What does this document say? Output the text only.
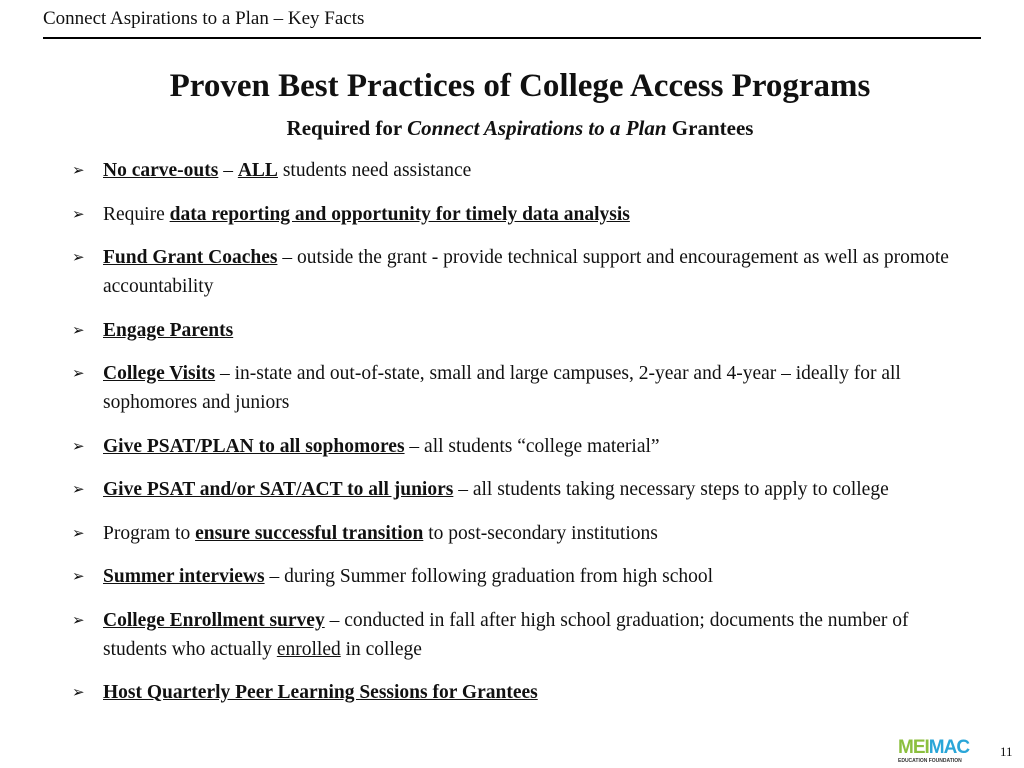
Connect Aspirations to a Plan – Key Facts
Proven Best Practices of College Access Programs
Required for Connect Aspirations to a Plan Grantees
➢ No carve-outs – ALL students need assistance
➢ Require data reporting and opportunity for timely data analysis
➢ Fund Grant Coaches – outside the grant - provide technical support and encouragement as well as promote accountability
➢ Engage Parents
➢ College Visits – in-state and out-of-state, small and large campuses, 2-year and 4-year – ideally for all sophomores and juniors
➢ Give PSAT/PLAN to all sophomores – all students “college material”
➢ Give PSAT and/or SAT/ACT to all juniors – all students taking necessary steps to apply to college
➢ Program to ensure successful transition to post-secondary institutions
➢ Summer interviews – during Summer following graduation from high school
➢ College Enrollment survey – conducted in fall after high school graduation; documents the number of students who actually enrolled in college
➢ Host Quarterly Peer Learning Sessions for Grantees
MEIMAC
EDUCATION FOUNDATION
11
